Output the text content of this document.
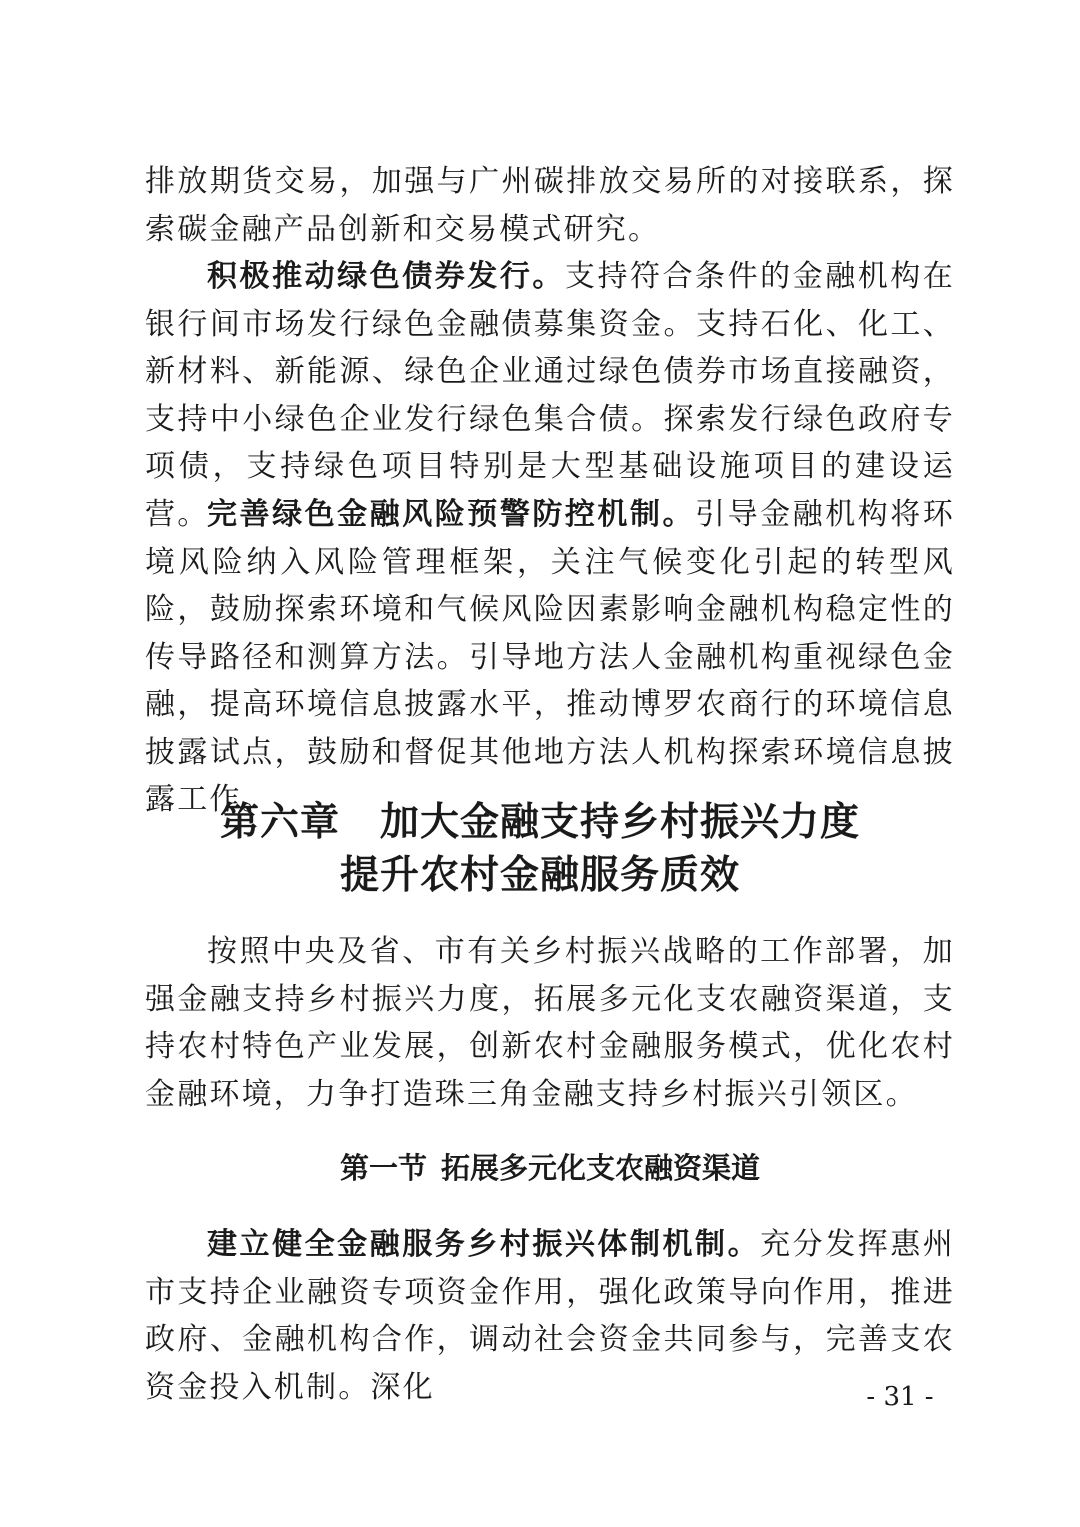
排放期货交易，加强与广州碳排放交易所的对接联系，探索碳金融产品创新和交易模式研究。

积极推动绿色债券发行。支持符合条件的金融机构在银行间市场发行绿色金融债募集资金。支持石化、化工、新材料、新能源、绿色企业通过绿色债券市场直接融资，支持中小绿色企业发行绿色集合债。探索发行绿色政府专项债，支持绿色项目特别是大型基础设施项目的建设运营。

完善绿色金融风险预警防控机制。引导金融机构将环境风险纳入风险管理框架，关注气候变化引起的转型风险，鼓励探索环境和气候风险因素影响金融机构稳定性的传导路径和测算方法。引导地方法人金融机构重视绿色金融，提高环境信息披露水平，推动博罗农商行的环境信息披露试点，鼓励和督促其他地方法人机构探索环境信息披露工作。

第六章 加大金融支持乡村振兴力度
提升农村金融服务质效

按照中央及省、市有关乡村振兴战略的工作部署，加强金融支持乡村振兴力度，拓展多元化支农融资渠道，支持农村特色产业发展，创新农村金融服务模式，优化农村金融环境，力争打造珠三角金融支持乡村振兴引领区。

第一节 拓展多元化支农融资渠道

建立健全金融服务乡村振兴体制机制。充分发挥惠州市支持企业融资专项资金作用，强化政策导向作用，推进政府、金融机构合作，调动社会资金共同参与，完善支农资金投入机制。深化	- 31 -
